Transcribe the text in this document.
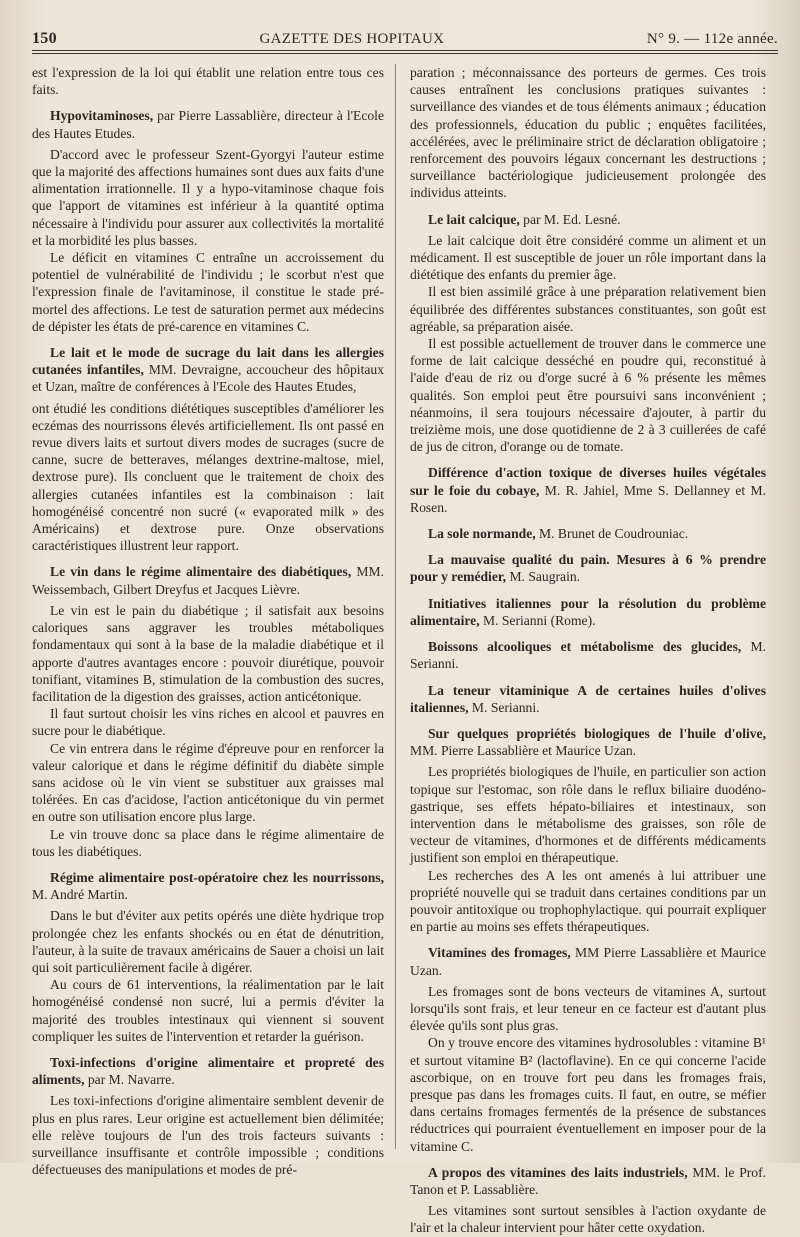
150	GAZETTE DES HOPITAUX	N° 9. — 112e année.

est l'expression de la loi qui établit une relation entre tous ces faits.

Hypovitaminoses, par Pierre Lassablière, directeur à l'Ecole des Hautes Etudes.

D'accord avec le professeur Szent-Gyorgyi l'auteur estime que la majorité des affections humaines sont dues aux faits d'une alimentation irrationnelle. Il y a hypo-vitaminose chaque fois que l'apport de vitamines est inférieur à la quantité optima nécessaire à l'individu pour assurer aux collectivités la mortalité et la morbidité les plus basses.

Le déficit en vitamines C entraîne un accroissement du potentiel de vulnérabilité de l'individu ; le scorbut n'est que l'expression finale de l'avitaminose, il constitue le stade pré-mortel des affections. Le test de saturation permet aux médecins de dépister les états de pré-carence en vitamines C.

Le lait et le mode de sucrage du lait dans les allergies cutanées infantiles, MM. Devraigne, accoucheur des hôpitaux et Uzan, maître de conférences à l'Ecole des Hautes Etudes,

ont étudié les conditions diététiques susceptibles d'améliorer les eczémas des nourrissons élevés artificiellement. Ils ont passé en revue divers laits et surtout divers modes de sucrages (sucre de canne, sucre de betteraves, mélanges dextrine-maltose, miel, dextrose pure). Ils concluent que le traitement de choix des allergies cutanées infantiles est la combinaison : lait homogénéisé concentré non sucré (« evaporated milk » des Américains) et dextrose pure. Onze observations caractéristiques illustrent leur rapport.

Le vin dans le régime alimentaire des diabétiques, MM. Weissembach, Gilbert Dreyfus et Jacques Lièvre.

Le vin est le pain du diabétique ; il satisfait aux besoins caloriques sans aggraver les troubles métaboliques fondamentaux qui sont à la base de la maladie diabétique et il apporte d'autres avantages encore : pouvoir diurétique, pouvoir tonifiant, vitamines B, stimulation de la combustion des sucres, facilitation de la digestion des graisses, action anticétonique.

Il faut surtout choisir les vins riches en alcool et pauvres en sucre pour le diabétique.

Ce vin entrera dans le régime d'épreuve pour en renforcer la valeur calorique et dans le régime définitif du diabète simple sans acidose où le vin vient se substituer aux graisses mal tolérées. En cas d'acidose, l'action anticétonique du vin permet en outre son utilisation encore plus large.

Le vin trouve donc sa place dans le régime alimentaire de tous les diabétiques.

Régime alimentaire post-opératoire chez les nourrissons, M. André Martin.

Dans le but d'éviter aux petits opérés une diète hydrique trop prolongée chez les enfants shockés ou en état de dénutrition, l'auteur, à la suite de travaux américains de Sauer a choisi un lait qui soit particulièrement facile à digérer.

Au cours de 61 interventions, la réalimentation par le lait homogénéisé condensé non sucré, lui a permis d'éviter la majorité des troubles intestinaux qui viennent si souvent compliquer les suites de l'intervention et retarder la guérison.

Toxi-infections d'origine alimentaire et propreté des aliments, par M. Navarre.

Les toxi-infections d'origine alimentaire semblent devenir de plus en plus rares. Leur origine est actuellement bien délimitée; elle relève toujours de l'un des trois facteurs suivants : surveillance insuffisante et contrôle impossible ; conditions défectueuses des manipulations et modes de pré-

paration ; méconnaissance des porteurs de germes. Ces trois causes entraînent les conclusions pratiques suivantes : surveillance des viandes et de tous éléments animaux ; éducation des professionnels, éducation du public ; enquêtes facilitées, accélérées, avec le préliminaire strict de déclaration obligatoire ; renforcement des pouvoirs légaux concernant les destructions ; surveillance bactériologique judicieusement prolongée des individus atteints.

Le lait calcique, par M. Ed. Lesné.

Le lait calcique doit être considéré comme un aliment et un médicament. Il est susceptible de jouer un rôle important dans la diététique des enfants du premier âge.

Il est bien assimilé grâce à une préparation relativement bien équilibrée des différentes substances constituantes, son goût est agréable, sa préparation aisée.

Il est possible actuellement de trouver dans le commerce une forme de lait calcique desséché en poudre qui, reconstitué à l'aide d'eau de riz ou d'orge sucré à 6 % présente les mêmes qualités. Son emploi peut être poursuivi sans inconvénient ; néanmoins, il sera toujours nécessaire d'ajouter, à partir du treizième mois, une dose quotidienne de 2 à 3 cuillerées de café de jus de citron, d'orange ou de tomate.

Différence d'action toxique de diverses huiles végétales sur le foie du cobaye, M. R. Jahiel, Mme S. Dellanney et M. Rosen.

La sole normande, M. Brunet de Coudrouniac.

La mauvaise qualité du pain. Mesures à 6 % prendre pour y remédier, M. Saugrain.

Initiatives italiennes pour la résolution du problème alimentaire, M. Serianni (Rome).

Boissons alcooliques et métabolisme des glucides, M. Serianni.

La teneur vitaminique A de certaines huiles d'olives italiennes, M. Serianni.

Sur quelques propriétés biologiques de l'huile d'olive, MM. Pierre Lassablière et Maurice Uzan.

Les propriétés biologiques de l'huile, en particulier son action topique sur l'estomac, son rôle dans le reflux biliaire duodéno-gastrique, ses effets hépato-biliaires et intestinaux, son intervention dans le métabolisme des graisses, son rôle de vecteur de vitamines, d'hormones et de différents médicaments justifient son emploi en thérapeutique.

Les recherches des A les ont amenés à lui attribuer une propriété nouvelle qui se traduit dans certaines conditions par un pouvoir antitoxique ou trophophylactique. qui pourrait expliquer en partie au moins ses effets thérapeutiques.

Vitamines des fromages, MM Pierre Lassablière et Maurice Uzan.

Les fromages sont de bons vecteurs de vitamines A, surtout lorsqu'ils sont frais, et leur teneur en ce facteur est d'autant plus élevée qu'ils sont plus gras.

On y trouve encore des vitamines hydrosolubles : vitamine B¹ et surtout vitamine B² (lactoflavine). En ce qui concerne l'acide ascorbique, on en trouve fort peu dans les fromages frais, presque pas dans les fromages cuits. Il faut, en outre, se méfier dans certains fromages fermentés de la présence de substances réductrices qui pourraient éventuellement en imposer pour de la vitamine C.

A propos des vitamines des laits industriels, MM. le Prof. Tanon et P. Lassablière.

Les vitamines sont surtout sensibles à l'action oxydante de l'air et la chaleur intervient pour hâter cette oxydation.
